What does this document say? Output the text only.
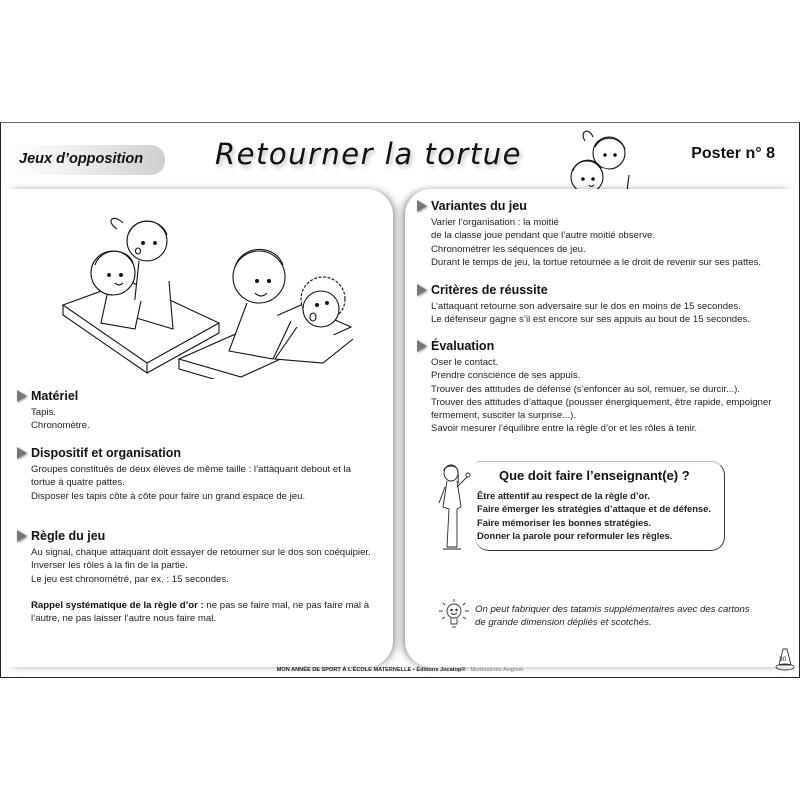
Jeux d’opposition Retourner la tortue	Poster n° 8
Matériel

Tapis.

Chronomètre.

Dispositif et organisation

Groupes constitués de deux élèves de même taille : l’attaquant debout et la

tortue à quatre pattes.

Disposer les tapis côte à côte pour faire un grand espace de jeu.

Règle du jeu

Au signal, chaque attaquant doit essayer de retourner sur le dos son coéquipier.

Inverser les rôles à la fin de la partie.

Le jeu est chronométré, par ex. : 15 secondes.

Rappel systématique de la règle d’or : ne pas se faire mal, ne pas faire mal à

l’autre, ne pas laisser l’autre nous faire mal.

Variantes du jeu

Varier l’organisation : la moitié

de la classe joue pendant que l’autre moitié observe.

Chronométrer les séquences de jeu.

Durant le temps de jeu, la tortue retournée a le droit de revenir sur ses pattes.

Critères de réussite

L’attaquant retourne son adversaire sur le dos en moins de 15 secondes.

Le défenseur gagne s’il est encore sur ses appuis au bout de 15 secondes.

Évaluation

Oser le contact.

Prendre conscience de ses appuis.

Trouver des attitudes de défense (s’enfoncer au sol, remuer, se durcir...).

Trouver des attitudes d’attaque (pousser énergiquement, être rapide, empoigner

fermement, susciter la surprise...).

Savoir mesurer l’équilibre entre la règle d’or et les rôles à tenir.

Que doit faire l’enseignant(e) ?

Être attentif au respect de la règle d’or.

Faire émerger les stratégies d’attaque et de défense.

Faire mémoriser les bonnes stratégies.

Donner la parole pour reformuler les règles.

On peut fabriquer des tatamis supplémentaires avec des cartons

de grande dimension dépliés et scotchés.

MON ANNÉE DE SPORT À L’ÉCOLE MATERNELLE • Éditions Jocatop® - Morières-lès-Avignon
30
